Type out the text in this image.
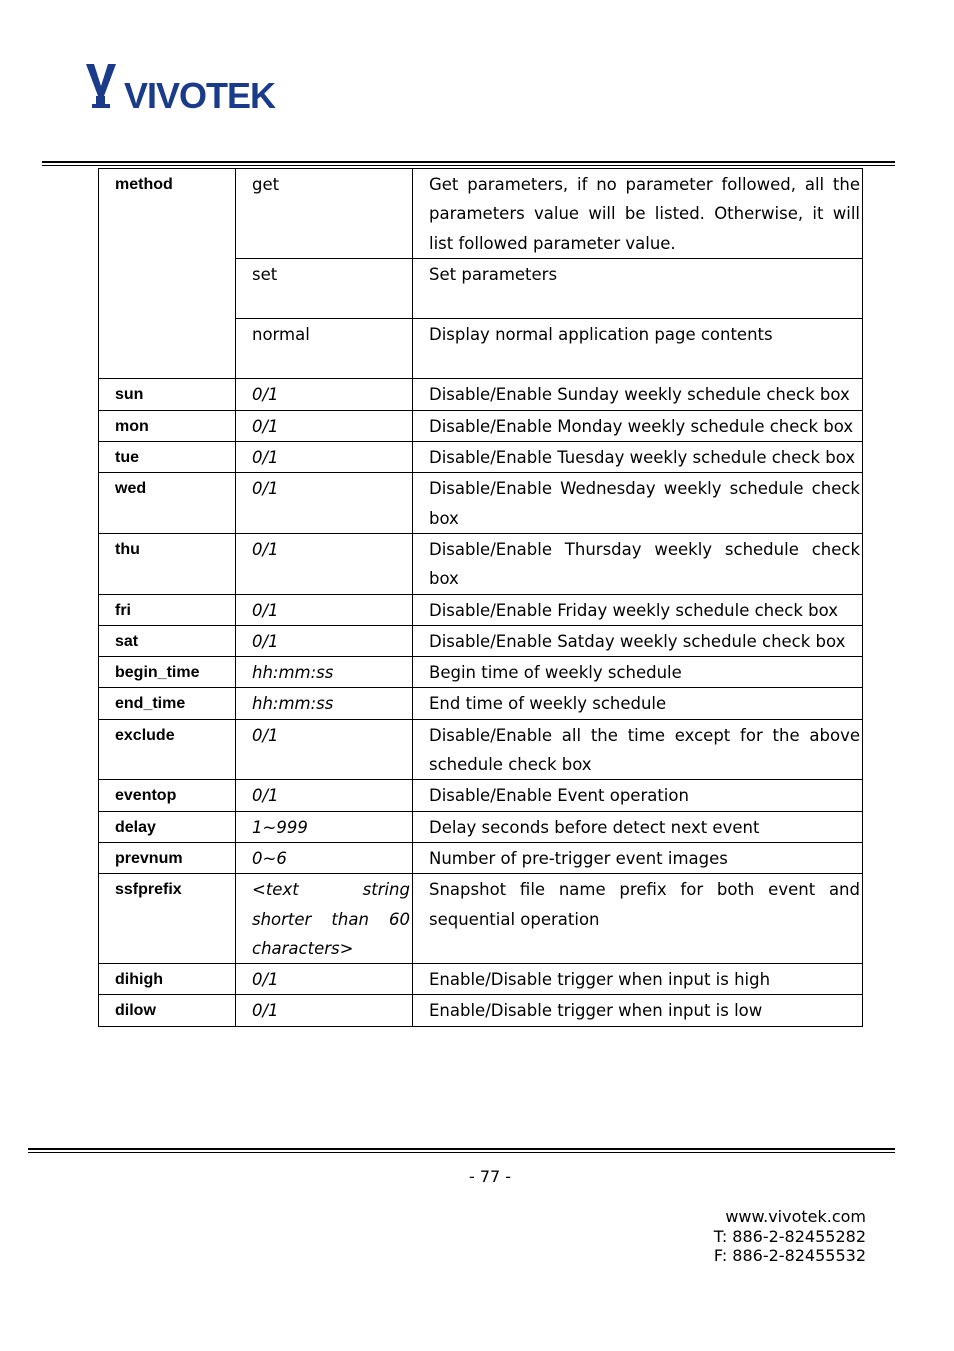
VIVOTEK
method	get	Get parameters, if no parameter followed, all the parameters value will be listed. Otherwise, it will list followed parameter value.
	set	Set parameters
	normal	Display normal application page contents
sun	0/1	Disable/Enable Sunday weekly schedule check box
mon	0/1	Disable/Enable Monday weekly schedule check box
tue	0/1	Disable/Enable Tuesday weekly schedule check box
wed	0/1	Disable/Enable Wednesday weekly schedule check box
thu	0/1	Disable/Enable Thursday weekly schedule check box
fri	0/1	Disable/Enable Friday weekly schedule check box
sat	0/1	Disable/Enable Satday weekly schedule check box
begin_time	hh:mm:ss	Begin time of weekly schedule
end_time	hh:mm:ss	End time of weekly schedule
exclude	0/1	Disable/Enable all the time except for the above schedule check box
eventop	0/1	Disable/Enable Event operation
delay	1~999	Delay seconds before detect next event
prevnum	0~6	Number of pre-trigger event images
ssfprefix	<text string shorter than 60 characters>	Snapshot file name prefix for both event and sequential operation
dihigh	0/1	Enable/Disable trigger when input is high
dilow	0/1	Enable/Disable trigger when input is low
- 77 -
www.vivotek.com
T: 886-2-82455282
F: 886-2-82455532
